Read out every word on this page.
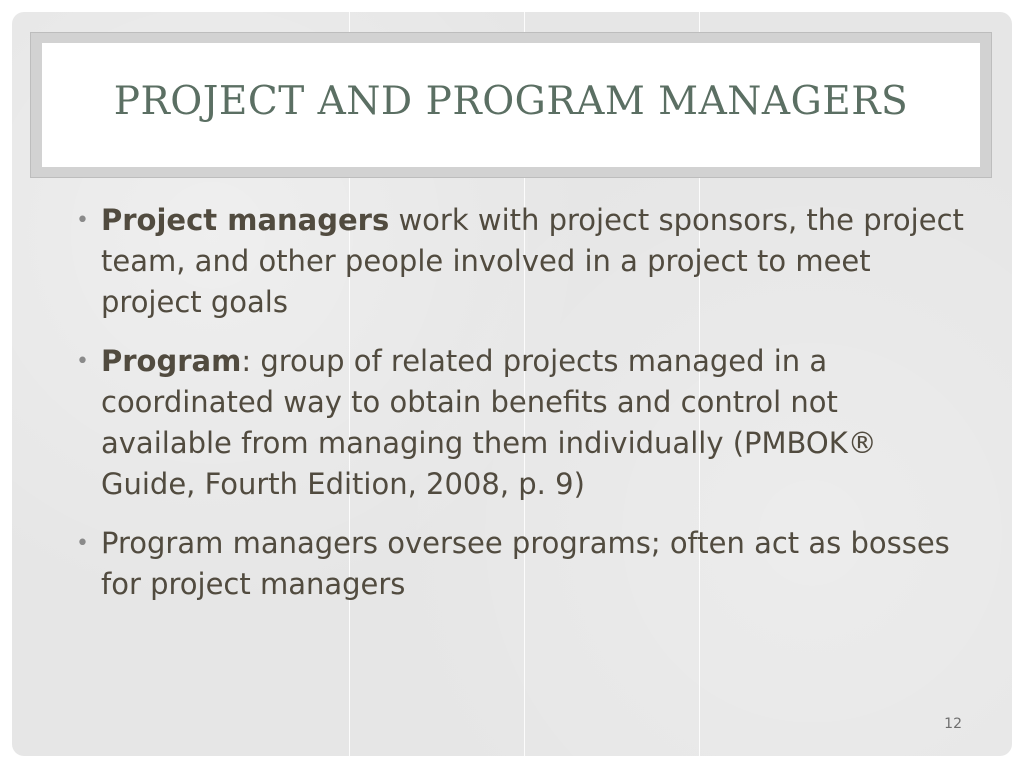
PROJECT AND PROGRAM MANAGERS
• Project managers work with project sponsors, the project team, and other people involved in a project to meet project goals
• Program: group of related projects managed in a coordinated way to obtain benefits and control not available from managing them individually (PMBOK® Guide, Fourth Edition, 2008, p. 9)
• Program managers oversee programs; often act as bosses for project managers
12
